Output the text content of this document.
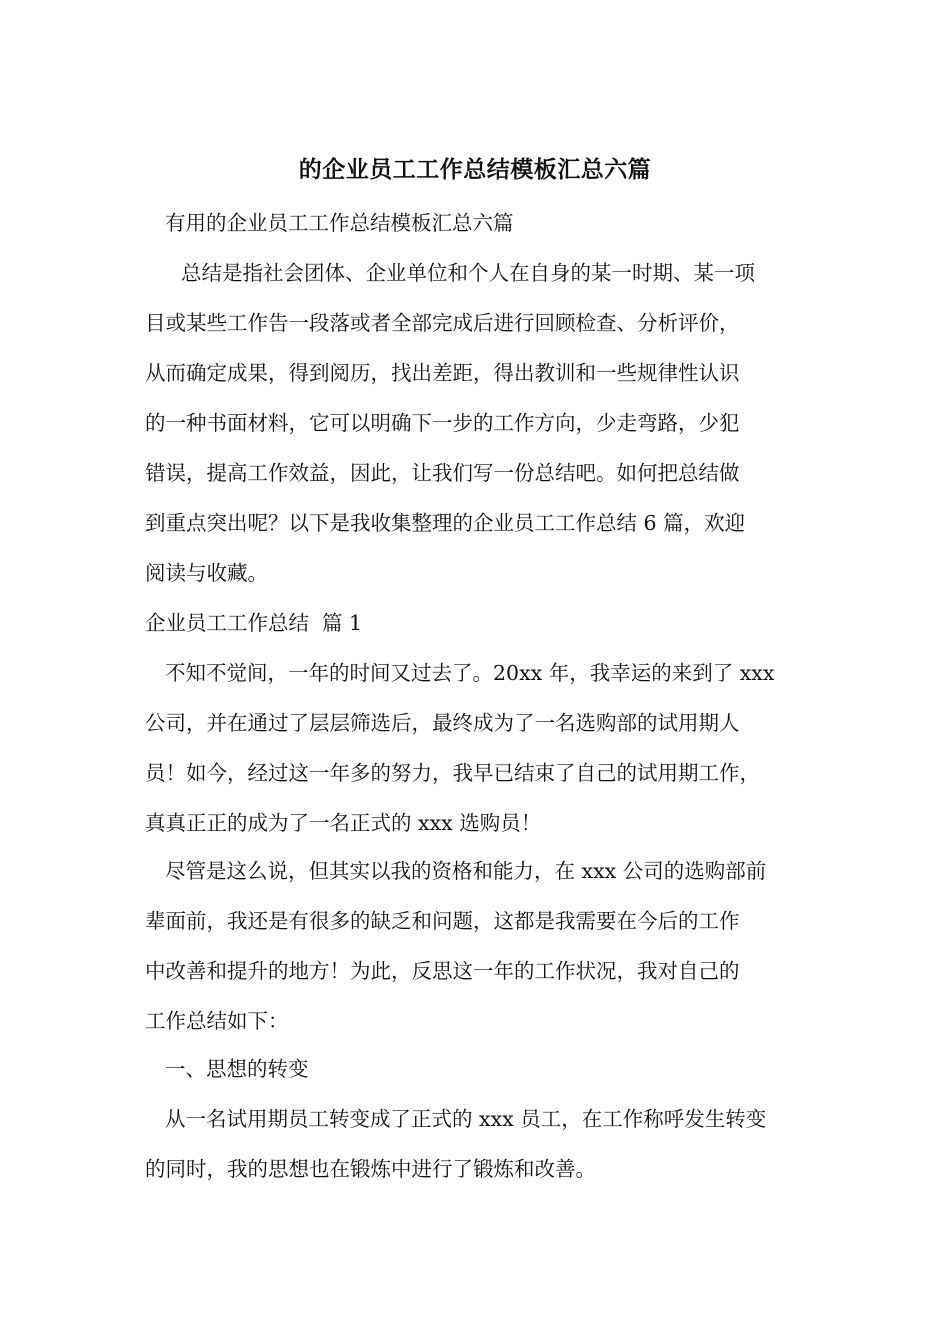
的企业员工工作总结模板汇总六篇
有用的企业员工工作总结模板汇总六篇
总结是指社会团体、企业单位和个人在自身的某一时期、某一项
目或某些工作告一段落或者全部完成后进行回顾检查、分析评价，
从而确定成果，得到阅历，找出差距，得出教训和一些规律性认识
的一种书面材料，它可以明确下一步的工作方向，少走弯路，少犯
错误，提高工作效益，因此，让我们写一份总结吧。如何把总结做
到重点突出呢？以下是我收集整理的企业员工工作总结 6 篇，欢迎
阅读与收藏。
企业员工工作总结  篇 1
不知不觉间，一年的时间又过去了。20xx 年，我幸运的来到了 xxx
公司，并在通过了层层筛选后，最终成为了一名选购部的试用期人
员！如今，经过这一年多的努力，我早已结束了自己的试用期工作，
真真正正的成为了一名正式的 xxx 选购员！
尽管是这么说，但其实以我的资格和能力，在 xxx 公司的选购部前
辈面前，我还是有很多的缺乏和问题，这都是我需要在今后的工作
中改善和提升的地方！为此，反思这一年的工作状况，我对自己的
工作总结如下：
一、思想的转变
从一名试用期员工转变成了正式的 xxx 员工，在工作称呼发生转变
的同时，我的思想也在锻炼中进行了锻炼和改善。
